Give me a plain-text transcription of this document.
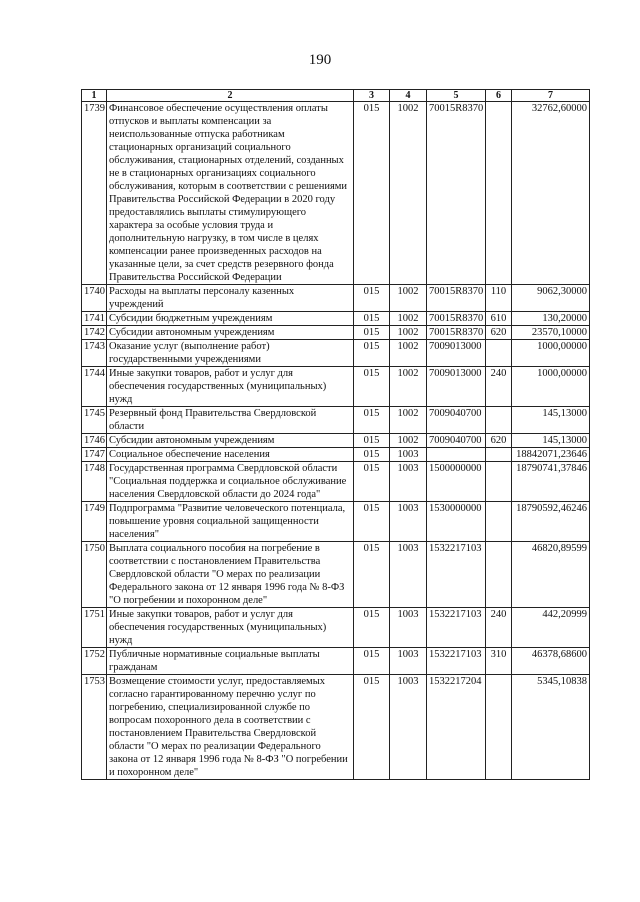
190
1	2	3	4	5	6	7
1739	Финансовое обеспечение осуществления оплаты отпусков и выплаты компенсации за неиспользованные отпуска работникам стационарных организаций социального обслуживания, стационарных отделений, созданных не в стационарных организациях социального обслуживания, которым в соответствии с решениями Правительства Российской Федерации в 2020 году предоставлялись выплаты стимулирующего характера за особые условия труда и дополнительную нагрузку, в том числе в целях компенсации ранее произведенных расходов на указанные цели, за счет средств резервного фонда Правительства Российской Федерации	015	1002	70015R8370		32762,60000
1740	Расходы на выплаты персоналу казенных учреждений	015	1002	70015R8370	110	9062,30000
1741	Субсидии бюджетным учреждениям	015	1002	70015R8370	610	130,20000
1742	Субсидии автономным учреждениям	015	1002	70015R8370	620	23570,10000
1743	Оказание услуг (выполнение работ) государственными учреждениями	015	1002	7009013000		1000,00000
1744	Иные закупки товаров, работ и услуг для обеспечения государственных (муниципальных) нужд	015	1002	7009013000	240	1000,00000
1745	Резервный фонд Правительства Свердловской области	015	1002	7009040700		145,13000
1746	Субсидии автономным учреждениям	015	1002	7009040700	620	145,13000
1747	Социальное обеспечение населения	015	1003			18842071,23646
1748	Государственная программа Свердловской области "Социальная поддержка и социальное обслуживание населения Свердловской области до 2024 года"	015	1003	1500000000		18790741,37846
1749	Подпрограмма "Развитие человеческого потенциала, повышение уровня социальной защищенности населения"	015	1003	1530000000		18790592,46246
1750	Выплата социального пособия на погребение в соответствии с постановлением Правительства Свердловской области "О мерах по реализации Федерального закона от 12 января 1996 года № 8-ФЗ "О погребении и похоронном деле"	015	1003	1532217103		46820,89599
1751	Иные закупки товаров, работ и услуг для обеспечения государственных (муниципальных) нужд	015	1003	1532217103	240	442,20999
1752	Публичные нормативные социальные выплаты гражданам	015	1003	1532217103	310	46378,68600
1753	Возмещение стоимости услуг, предоставляемых согласно гарантированному перечню услуг по погребению, специализированной службе по вопросам похоронного дела в соответствии с постановлением Правительства Свердловской области "О мерах по реализации Федерального закона от 12 января 1996 года № 8-ФЗ "О погребении и похоронном деле"	015	1003	1532217204		5345,10838
